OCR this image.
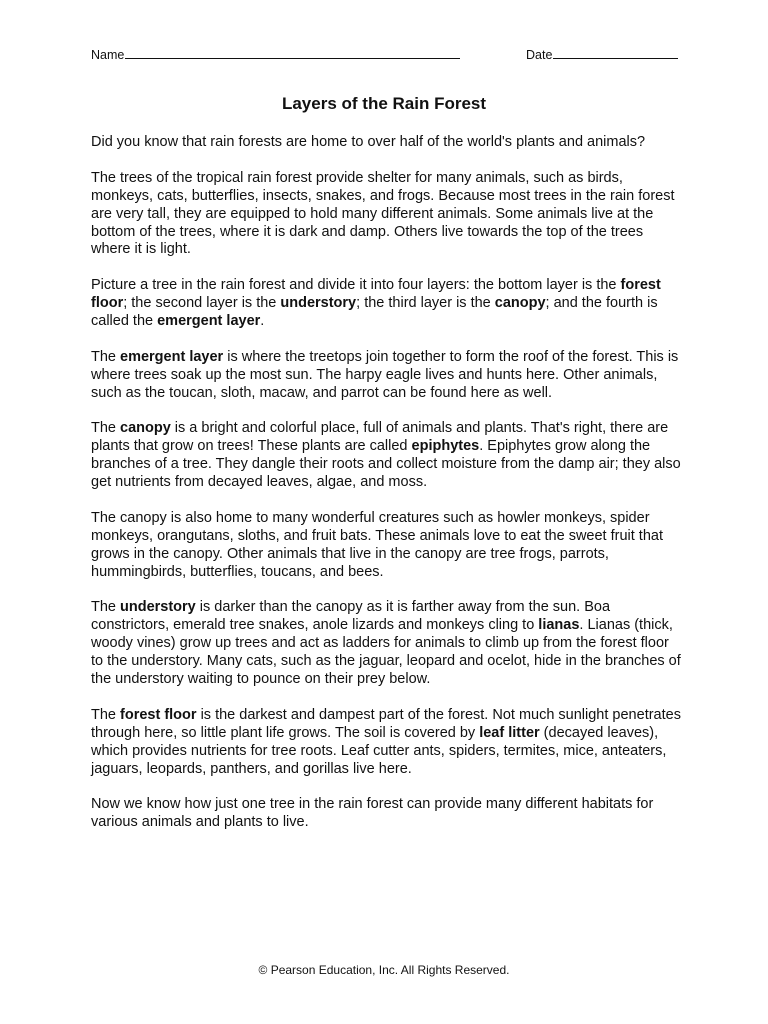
Name	Date
Layers of the Rain Forest

Did you know that rain forests are home to over half of the world's plants and animals?

The trees of the tropical rain forest provide shelter for many animals, such as birds, monkeys, cats, butterflies, insects, snakes, and frogs. Because most trees in the rain forest are very tall, they are equipped to hold many different animals. Some animals live at the bottom of the trees, where it is dark and damp. Others live towards the top of the trees where it is light.

Picture a tree in the rain forest and divide it into four layers: the bottom layer is the forest floor; the second layer is the understory; the third layer is the canopy; and the fourth is called the emergent layer.

The emergent layer is where the treetops join together to form the roof of the forest. This is where trees soak up the most sun. The harpy eagle lives and hunts here. Other animals, such as the toucan, sloth, macaw, and parrot can be found here as well.

The canopy is a bright and colorful place, full of animals and plants. That's right, there are plants that grow on trees! These plants are called epiphytes. Epiphytes grow along the branches of a tree. They dangle their roots and collect moisture from the damp air; they also get nutrients from decayed leaves, algae, and moss.

The canopy is also home to many wonderful creatures such as howler monkeys, spider monkeys, orangutans, sloths, and fruit bats. These animals love to eat the sweet fruit that grows in the canopy. Other animals that live in the canopy are tree frogs, parrots, hummingbirds, butterflies, toucans, and bees.

The understory is darker than the canopy as it is farther away from the sun. Boa constrictors, emerald tree snakes, anole lizards and monkeys cling to lianas. Lianas (thick, woody vines) grow up trees and act as ladders for animals to climb up from the forest floor to the understory. Many cats, such as the jaguar, leopard and ocelot, hide in the branches of the understory waiting to pounce on their prey below.

The forest floor is the darkest and dampest part of the forest. Not much sunlight penetrates through here, so little plant life grows. The soil is covered by leaf litter (decayed leaves), which provides nutrients for tree roots. Leaf cutter ants, spiders, termites, mice, anteaters, jaguars, leopards, panthers, and gorillas live here.

Now we know how just one tree in the rain forest can provide many different habitats for various animals and plants to live.

© Pearson Education, Inc. All Rights Reserved.
